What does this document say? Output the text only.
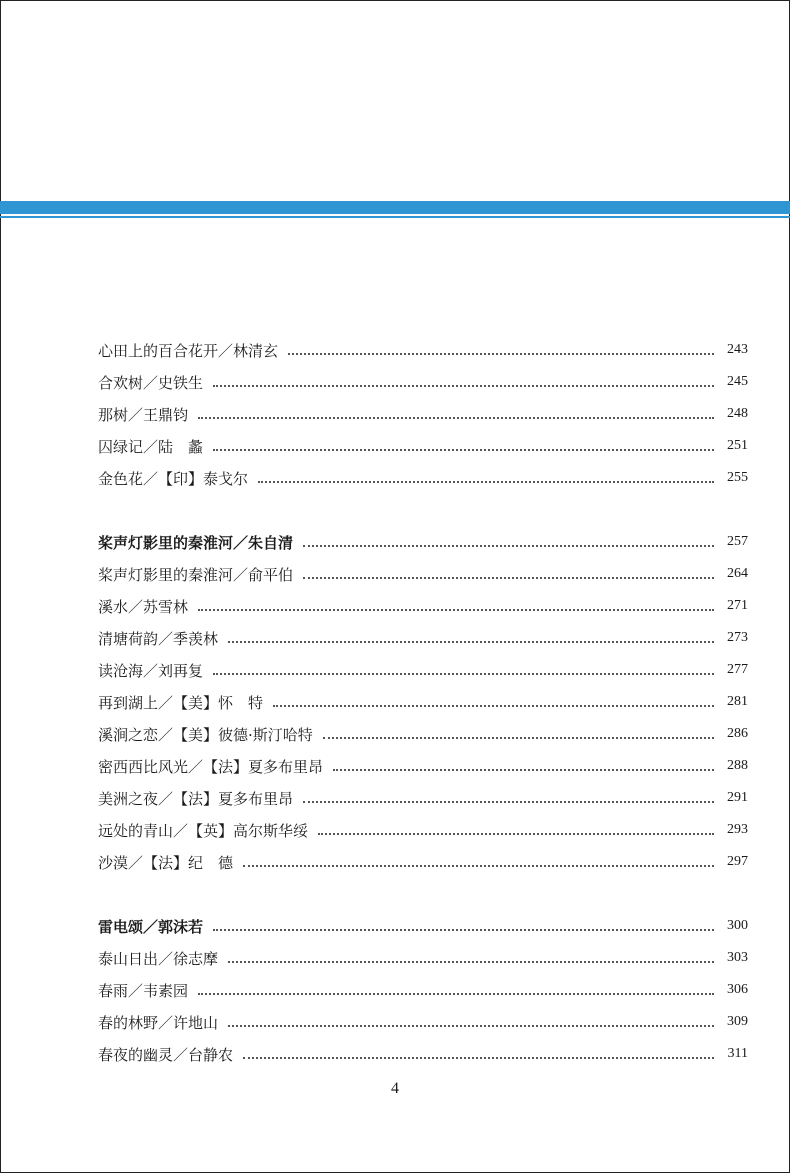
心田上的百合花开／林清玄	243
合欢树／史铁生	245
那树／王鼎钧	248
囚绿记／陆　蠡	251
金色花／【印】泰戈尔	255
桨声灯影里的秦淮河／朱自清	257
桨声灯影里的秦淮河／俞平伯	264
溪水／苏雪林	271
清塘荷韵／季羡林	273
读沧海／刘再复	277
再到湖上／【美】怀　特	281
溪涧之恋／【美】彼德·斯汀哈特	286
密西西比风光／【法】夏多布里昂	288
美洲之夜／【法】夏多布里昂	291
远处的青山／【英】高尔斯华绥	293
沙漠／【法】纪　德	297
雷电颂／郭沫若	300
泰山日出／徐志摩	303
春雨／韦素园	306
春的林野／许地山	309
春夜的幽灵／台静农	311
4
